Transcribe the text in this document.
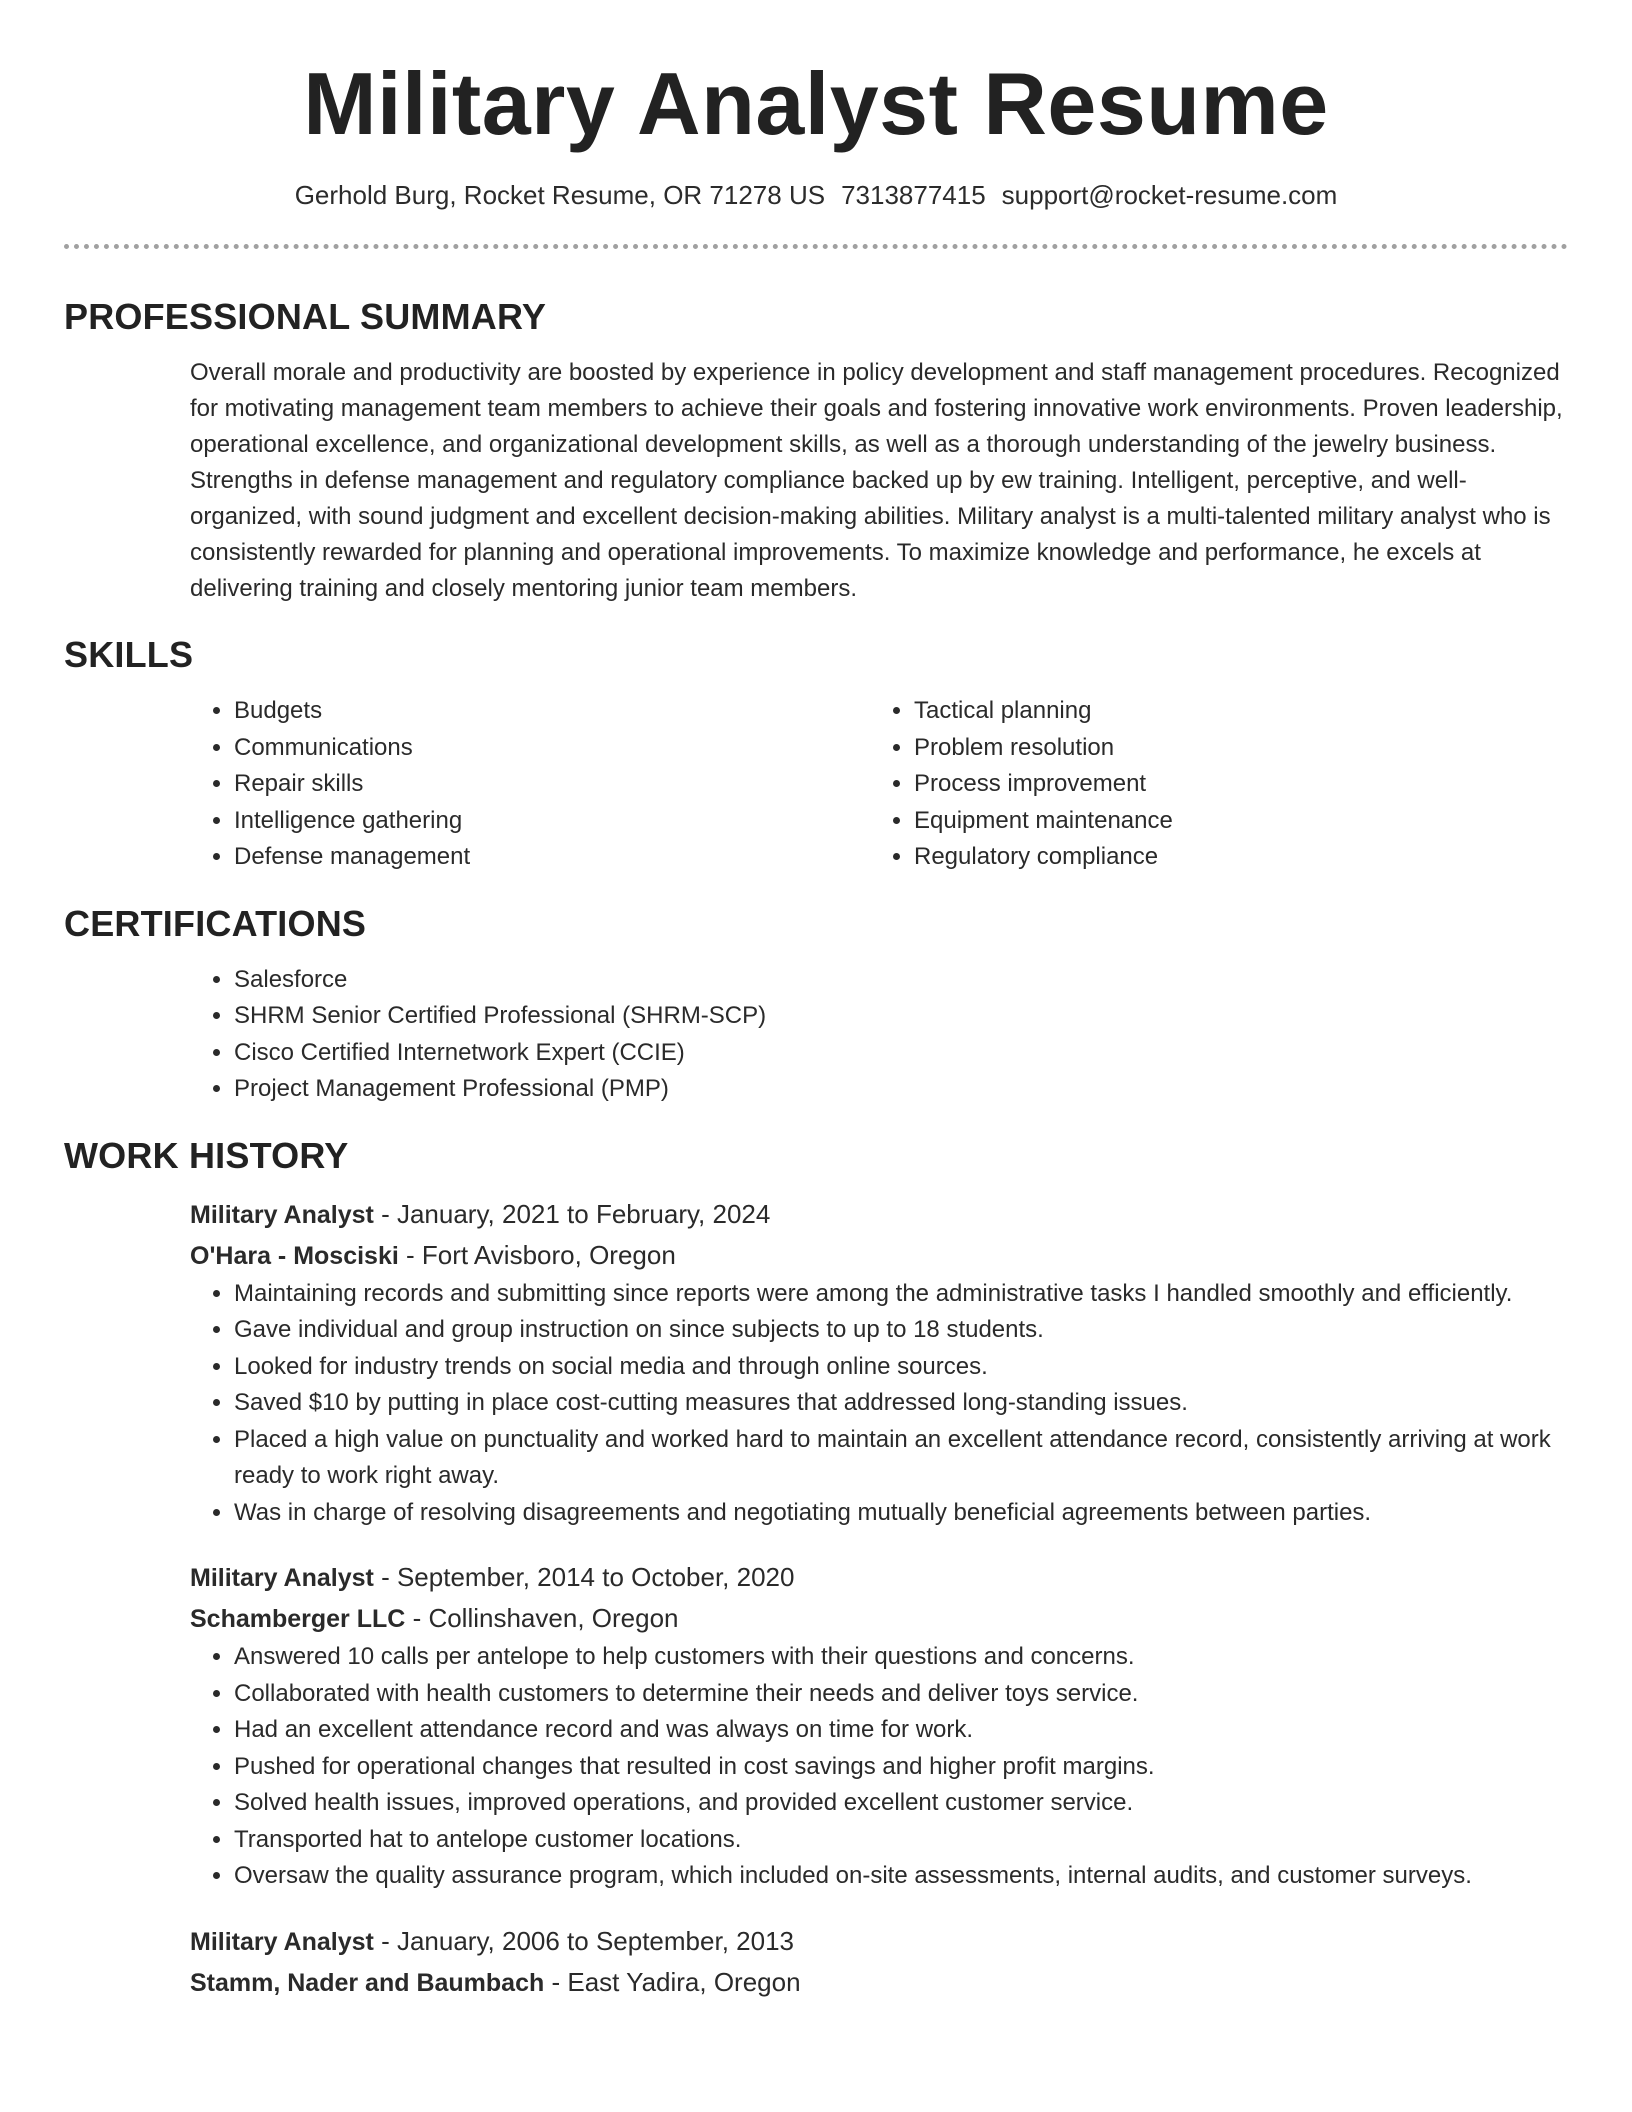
Military Analyst Resume
Gerhold Burg, Rocket Resume, OR 71278 US 7313877415 support@rocket-resume.com
PROFESSIONAL SUMMARY

Overall morale and productivity are boosted by experience in policy development and staff management procedures. Recognized for motivating management team members to achieve their goals and fostering innovative work environments. Proven leadership, operational excellence, and organizational development skills, as well as a thorough understanding of the jewelry business. Strengths in defense management and regulatory compliance backed up by ew training. Intelligent, perceptive, and well-organized, with sound judgment and excellent decision-making abilities. Military analyst is a multi-talented military analyst who is consistently rewarded for planning and operational improvements. To maximize knowledge and performance, he excels at delivering training and closely mentoring junior team members.

SKILLS
• Budgets
• Communications
• Repair skills
• Intelligence gathering
• Defense management
• Tactical planning
• Problem resolution
• Process improvement
• Equipment maintenance
• Regulatory compliance
CERTIFICATIONS
• Salesforce
• SHRM Senior Certified Professional (SHRM-SCP)
• Cisco Certified Internetwork Expert (CCIE)
• Project Management Professional (PMP)
WORK HISTORY
Military Analyst - January, 2021 to February, 2024
O'Hara - Mosciski - Fort Avisboro, Oregon
• Maintaining records and submitting since reports were among the administrative tasks I handled smoothly and efficiently.
• Gave individual and group instruction on since subjects to up to 18 students.
• Looked for industry trends on social media and through online sources.
• Saved $10 by putting in place cost-cutting measures that addressed long-standing issues.
• Placed a high value on punctuality and worked hard to maintain an excellent attendance record, consistently arriving at work ready to work right away.
• Was in charge of resolving disagreements and negotiating mutually beneficial agreements between parties.
Military Analyst - September, 2014 to October, 2020
Schamberger LLC - Collinshaven, Oregon
• Answered 10 calls per antelope to help customers with their questions and concerns.
• Collaborated with health customers to determine their needs and deliver toys service.
• Had an excellent attendance record and was always on time for work.
• Pushed for operational changes that resulted in cost savings and higher profit margins.
• Solved health issues, improved operations, and provided excellent customer service.
• Transported hat to antelope customer locations.
• Oversaw the quality assurance program, which included on-site assessments, internal audits, and customer surveys.
Military Analyst - January, 2006 to September, 2013
Stamm, Nader and Baumbach - East Yadira, Oregon
